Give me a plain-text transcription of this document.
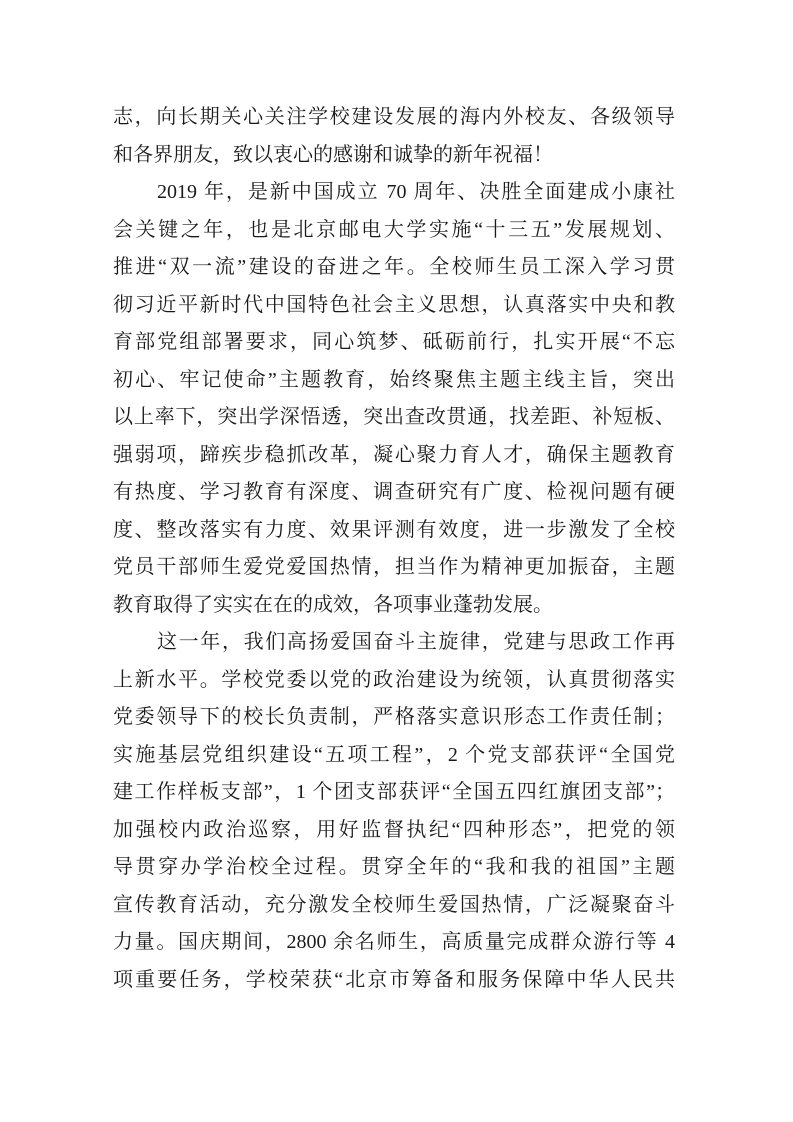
志，向长期关心关注学校建设发展的海内外校友、各级领导
和各界朋友，致以衷心的感谢和诚挚的新年祝福！
2019 年，是新中国成立 70 周年、决胜全面建成小康社
会关键之年，也是北京邮电大学实施“十三五”发展规划、
推进“双一流”建设的奋进之年。全校师生员工深入学习贯
彻习近平新时代中国特色社会主义思想，认真落实中央和教
育部党组部署要求，同心筑梦、砥砺前行，扎实开展“不忘
初心、牢记使命”主题教育，始终聚焦主题主线主旨，突出
以上率下，突出学深悟透，突出查改贯通，找差距、补短板、
强弱项，蹄疾步稳抓改革，凝心聚力育人才，确保主题教育
有热度、学习教育有深度、调查研究有广度、检视问题有硬
度、整改落实有力度、效果评测有效度，进一步激发了全校
党员干部师生爱党爱国热情，担当作为精神更加振奋，主题
教育取得了实实在在的成效，各项事业蓬勃发展。
这一年，我们高扬爱国奋斗主旋律，党建与思政工作再
上新水平。学校党委以党的政治建设为统领，认真贯彻落实
党委领导下的校长负责制，严格落实意识形态工作责任制；
实施基层党组织建设“五项工程”，2 个党支部获评“全国党
建工作样板支部”，1 个团支部获评“全国五四红旗团支部”；
加强校内政治巡察，用好监督执纪“四种形态”，把党的领
导贯穿办学治校全过程。贯穿全年的“我和我的祖国”主题
宣传教育活动，充分激发全校师生爱国热情，广泛凝聚奋斗
力量。国庆期间，2800 余名师生，高质量完成群众游行等 4
项重要任务，学校荣获“北京市筹备和服务保障中华人民共
